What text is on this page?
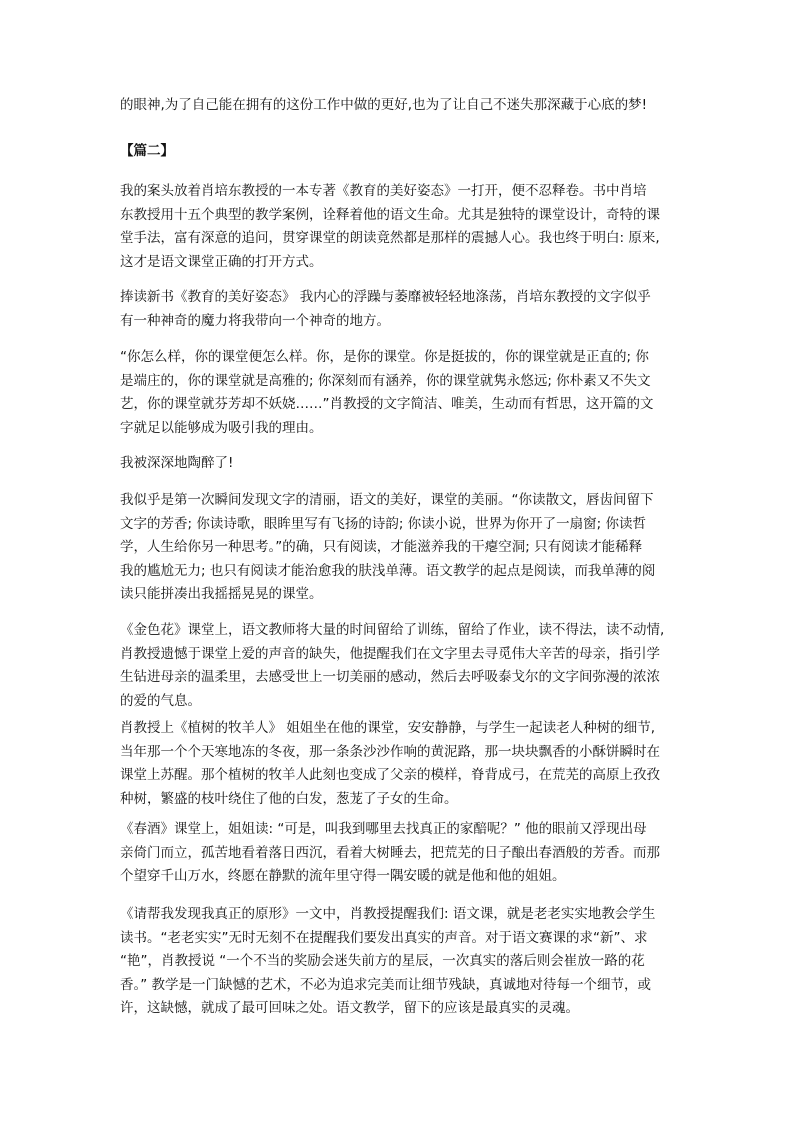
的眼神,为了自己能在拥有的这份工作中做的更好,也为了让自己不迷失那深藏于心底的梦!
【篇二】
我的案头放着肖培东教授的一本专著《教育的美好姿态》一打开，便不忍释卷。书中肖培
东教授用十五个典型的教学案例，诠释着他的语文生命。尤其是独特的课堂设计，奇特的课
堂手法，富有深意的追问，贯穿课堂的朗读竟然都是那样的震撼人心。我也终于明白: 原来,
这才是语文课堂正确的打开方式。
捧读新书《教育的美好姿态》 我内心的浮躁与萎靡被轻轻地涤荡，肖培东教授的文字似乎
有一种神奇的魔力将我带向一个神奇的地方。
“你怎么样，你的课堂便怎么样。你，是你的课堂。你是挺拔的，你的课堂就是正直的; 你
是端庄的，你的课堂就是高雅的; 你深刻而有涵养，你的课堂就隽永悠远; 你朴素又不失文
艺，你的课堂就芬芳却不妖娆……”肖教授的文字简洁、唯美，生动而有哲思，这开篇的文
字就足以能够成为吸引我的理由。
我被深深地陶醉了!
我似乎是第一次瞬间发现文字的清丽，语文的美好，课堂的美丽。“你读散文，唇齿间留下
文字的芳香; 你读诗歌，眼眸里写有飞扬的诗韵; 你读小说，世界为你开了一扇窗; 你读哲
学，人生给你另一种思考。”的确，只有阅读，才能滋养我的干瘪空洞; 只有阅读才能稀释
我的尴尬无力; 也只有阅读才能治愈我的肤浅单薄。语文教学的起点是阅读，而我单薄的阅
读只能拼凑出我摇摇晃晃的课堂。
《金色花》课堂上，语文教师将大量的时间留给了训练，留给了作业，读不得法，读不动情,
肖教授遗憾于课堂上爱的声音的缺失，他提醒我们在文字里去寻觅伟大辛苦的母亲，指引学
生钻进母亲的温柔里，去感受世上一切美丽的感动，然后去呼吸泰戈尔的文字间弥漫的浓浓
的爱的气息。
肖教授上《植树的牧羊人》 姐姐坐在他的课堂，安安静静，与学生一起读老人种树的细节,
当年那一个个天寒地冻的冬夜，那一条条沙沙作响的黄泥路，那一块块飘香的小酥饼瞬时在
课堂上苏醒。那个植树的牧羊人此刻也变成了父亲的模样，脊背成弓，在荒芜的高原上孜孜
种树，繁盛的枝叶绕住了他的白发，葱茏了子女的生命。
《春酒》课堂上，姐姐读: “可是，叫我到哪里去找真正的家醅呢？” 他的眼前又浮现出母
亲倚门而立，孤苦地看着落日西沉，看着大树睡去，把荒芜的日子酿出春酒般的芳香。而那
个望穿千山万水，终愿在静默的流年里守得一隅安暖的就是他和他的姐姐。
《请帮我发现我真正的原形》一文中，肖教授提醒我们: 语文课，就是老老实实地教会学生
读书。“老老实实”无时无刻不在提醒我们要发出真实的声音。对于语文赛课的求“新”、求
“艳”，肖教授说 “一个不当的奖励会迷失前方的星辰，一次真实的落后则会崔放一路的花
香。” 教学是一门缺憾的艺术，不必为追求完美而让细节残缺，真诚地对待每一个细节，或
许，这缺憾，就成了最可回味之处。语文教学，留下的应该是最真实的灵魂。
